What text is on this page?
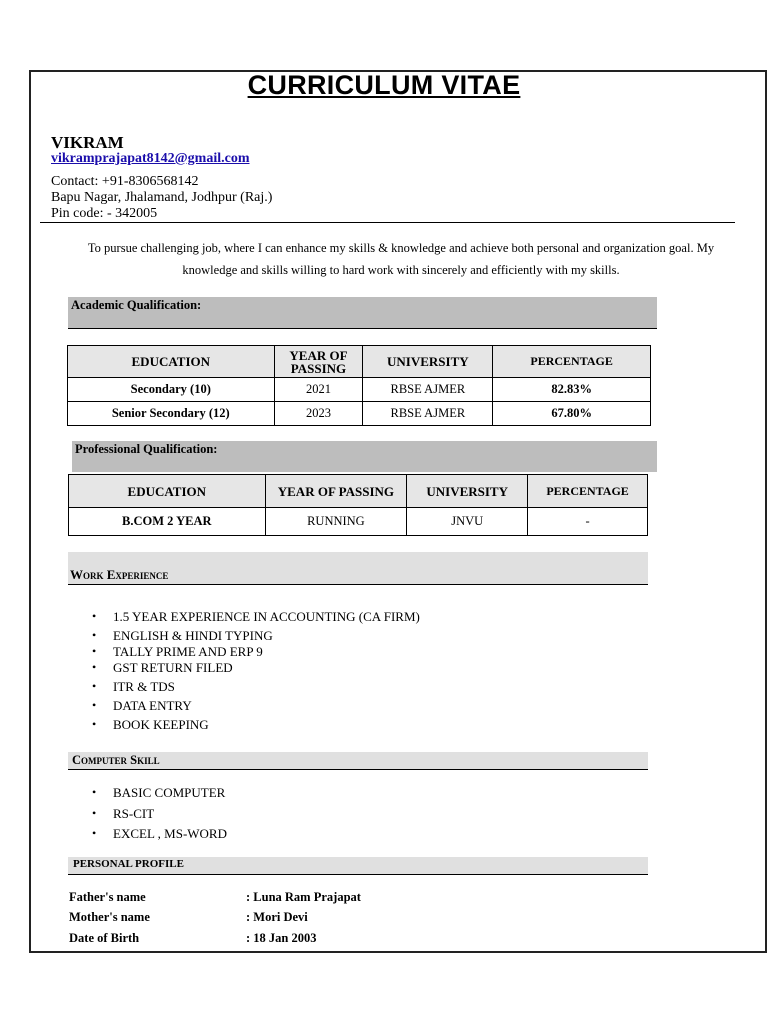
CURRICULUM VITAE
VIKRAM
vikramprajapat8142@gmail.com
Contact: +91-8306568142
Bapu Nagar, Jhalamand, Jodhpur (Raj.)
Pin code: - 342005
To pursue challenging job, where I can enhance my skills & knowledge and achieve both personal and organization goal. My knowledge and skills willing to hard work with sincerely and efficiently with my skills.
Academic Qualification:
EDUCATION	YEAR OF PASSING	UNIVERSITY	PERCENTAGE
Secondary (10)	2021	RBSE AJMER	82.83%
Senior Secondary (12)	2023	RBSE AJMER	67.80%
Professional Qualification:
EDUCATION	YEAR OF PASSING	UNIVERSITY	PERCENTAGE
B.COM 2 YEAR	RUNNING	JNVU	-
Work Experience
• 1.5 YEAR EXPERIENCE IN ACCOUNTING (CA FIRM)
• ENGLISH & HINDI TYPING
• TALLY PRIME AND ERP 9
• GST RETURN FILED
• ITR & TDS
• DATA ENTRY
• BOOK KEEPING
Computer Skill
• BASIC COMPUTER
• RS-CIT
• EXCEL , MS-WORD
PERSONAL PROFILE
Father's name	: Luna Ram Prajapat
Mother's name	: Mori Devi
Date of Birth	: 18 Jan 2003
